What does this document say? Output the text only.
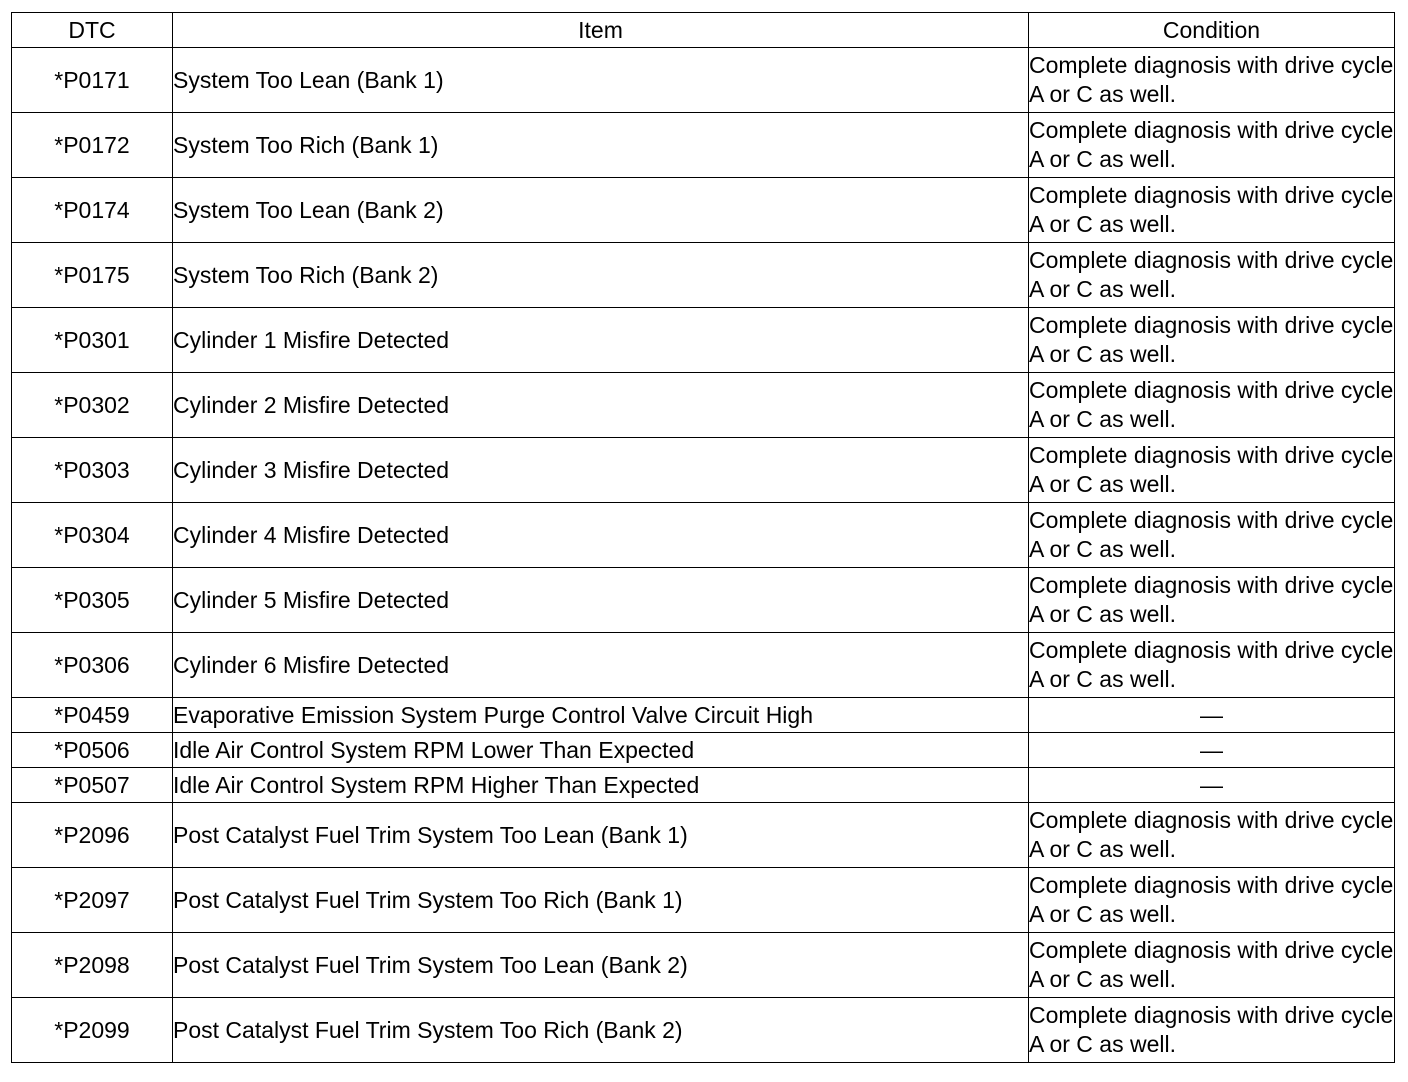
DTC	Item	Condition
*P0171	System Too Lean (Bank 1)	Complete diagnosis with drive cycle A or C as well.
*P0172	System Too Rich (Bank 1)	Complete diagnosis with drive cycle A or C as well.
*P0174	System Too Lean (Bank 2)	Complete diagnosis with drive cycle A or C as well.
*P0175	System Too Rich (Bank 2)	Complete diagnosis with drive cycle A or C as well.
*P0301	Cylinder 1 Misfire Detected	Complete diagnosis with drive cycle A or C as well.
*P0302	Cylinder 2 Misfire Detected	Complete diagnosis with drive cycle A or C as well.
*P0303	Cylinder 3 Misfire Detected	Complete diagnosis with drive cycle A or C as well.
*P0304	Cylinder 4 Misfire Detected	Complete diagnosis with drive cycle A or C as well.
*P0305	Cylinder 5 Misfire Detected	Complete diagnosis with drive cycle A or C as well.
*P0306	Cylinder 6 Misfire Detected	Complete diagnosis with drive cycle A or C as well.
*P0459	Evaporative Emission System Purge Control Valve Circuit High	—
*P0506	Idle Air Control System RPM Lower Than Expected	—
*P0507	Idle Air Control System RPM Higher Than Expected	—
*P2096	Post Catalyst Fuel Trim System Too Lean (Bank 1)	Complete diagnosis with drive cycle A or C as well.
*P2097	Post Catalyst Fuel Trim System Too Rich (Bank 1)	Complete diagnosis with drive cycle A or C as well.
*P2098	Post Catalyst Fuel Trim System Too Lean (Bank 2)	Complete diagnosis with drive cycle A or C as well.
*P2099	Post Catalyst Fuel Trim System Too Rich (Bank 2)	Complete diagnosis with drive cycle A or C as well.
